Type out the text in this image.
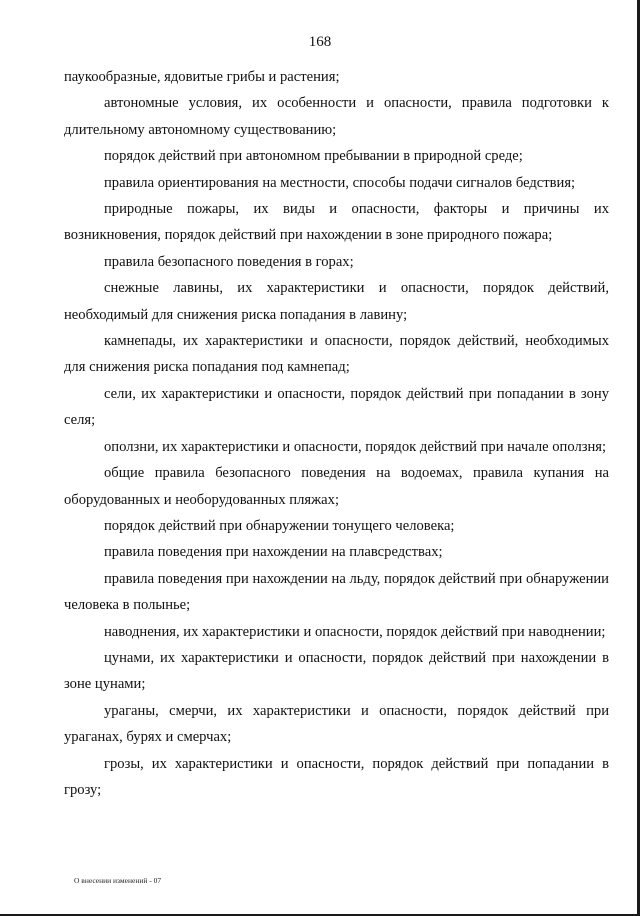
168

паукообразные, ядовитые грибы и растения;

автономные условия, их особенности и опасности, правила подготовки к длительному автономному существованию;

порядок действий при автономном пребывании в природной среде;

правила ориентирования на местности, способы подачи сигналов бедствия;

природные пожары, их виды и опасности, факторы и причины их возникновения, порядок действий при нахождении в зоне природного пожара;

правила безопасного поведения в горах;

снежные лавины, их характеристики и опасности, порядок действий, необходимый для снижения риска попадания в лавину;

камнепады, их характеристики и опасности, порядок действий, необходимых для снижения риска попадания под камнепад;

сели, их характеристики и опасности, порядок действий при попадании в зону селя;

оползни, их характеристики и опасности, порядок действий при начале оползня;

общие правила безопасного поведения на водоемах, правила купания на оборудованных и необорудованных пляжах;

порядок действий при обнаружении тонущего человека;

правила поведения при нахождении на плавсредствах;

правила поведения при нахождении на льду, порядок действий при обнаружении человека в полынье;

наводнения, их характеристики и опасности, порядок действий при наводнении;

цунами, их характеристики и опасности, порядок действий при нахождении в зоне цунами;

ураганы, смерчи, их характеристики и опасности, порядок действий при ураганах, бурях и смерчах;

грозы, их характеристики и опасности, порядок действий при попадании в грозу;

О внесении изменений - 07
